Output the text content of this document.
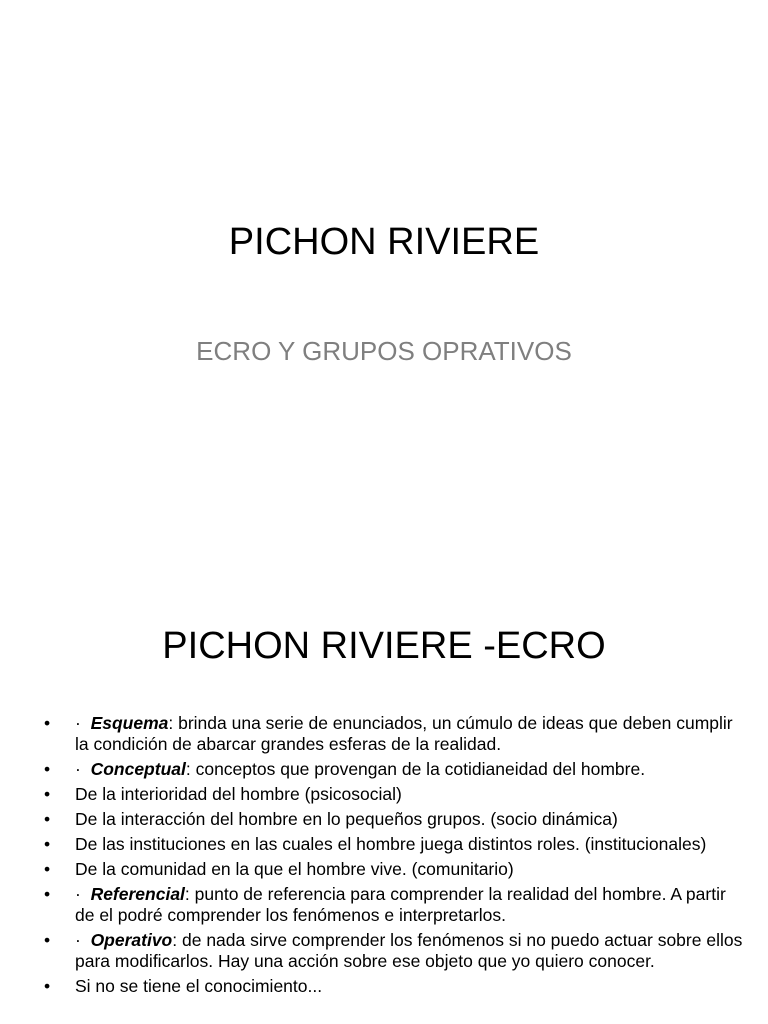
PICHON RIVIERE
ECRO Y GRUPOS OPRATIVOS
PICHON RIVIERE -ECRO
• ·  Esquema: brinda una serie de enunciados, un cúmulo de ideas que deben cumplir la condición de abarcar grandes esferas de la realidad.
• ·  Conceptual: conceptos que provengan de la cotidianeidad del hombre.
• De la interioridad del hombre (psicosocial)
• De la interacción del hombre en lo pequeños grupos. (socio dinámica)
• De las instituciones en las cuales el hombre juega distintos roles. (institucionales)
• De la comunidad en la que el hombre vive. (comunitario)
• ·  Referencial: punto de referencia para comprender la realidad del hombre. A partir de el podré comprender los fenómenos e interpretarlos.
• ·  Operativo: de nada sirve comprender los fenómenos si no puedo actuar sobre ellos para modificarlos. Hay una acción sobre ese objeto que yo quiero conocer.
• Si no se tiene el conocimiento...
